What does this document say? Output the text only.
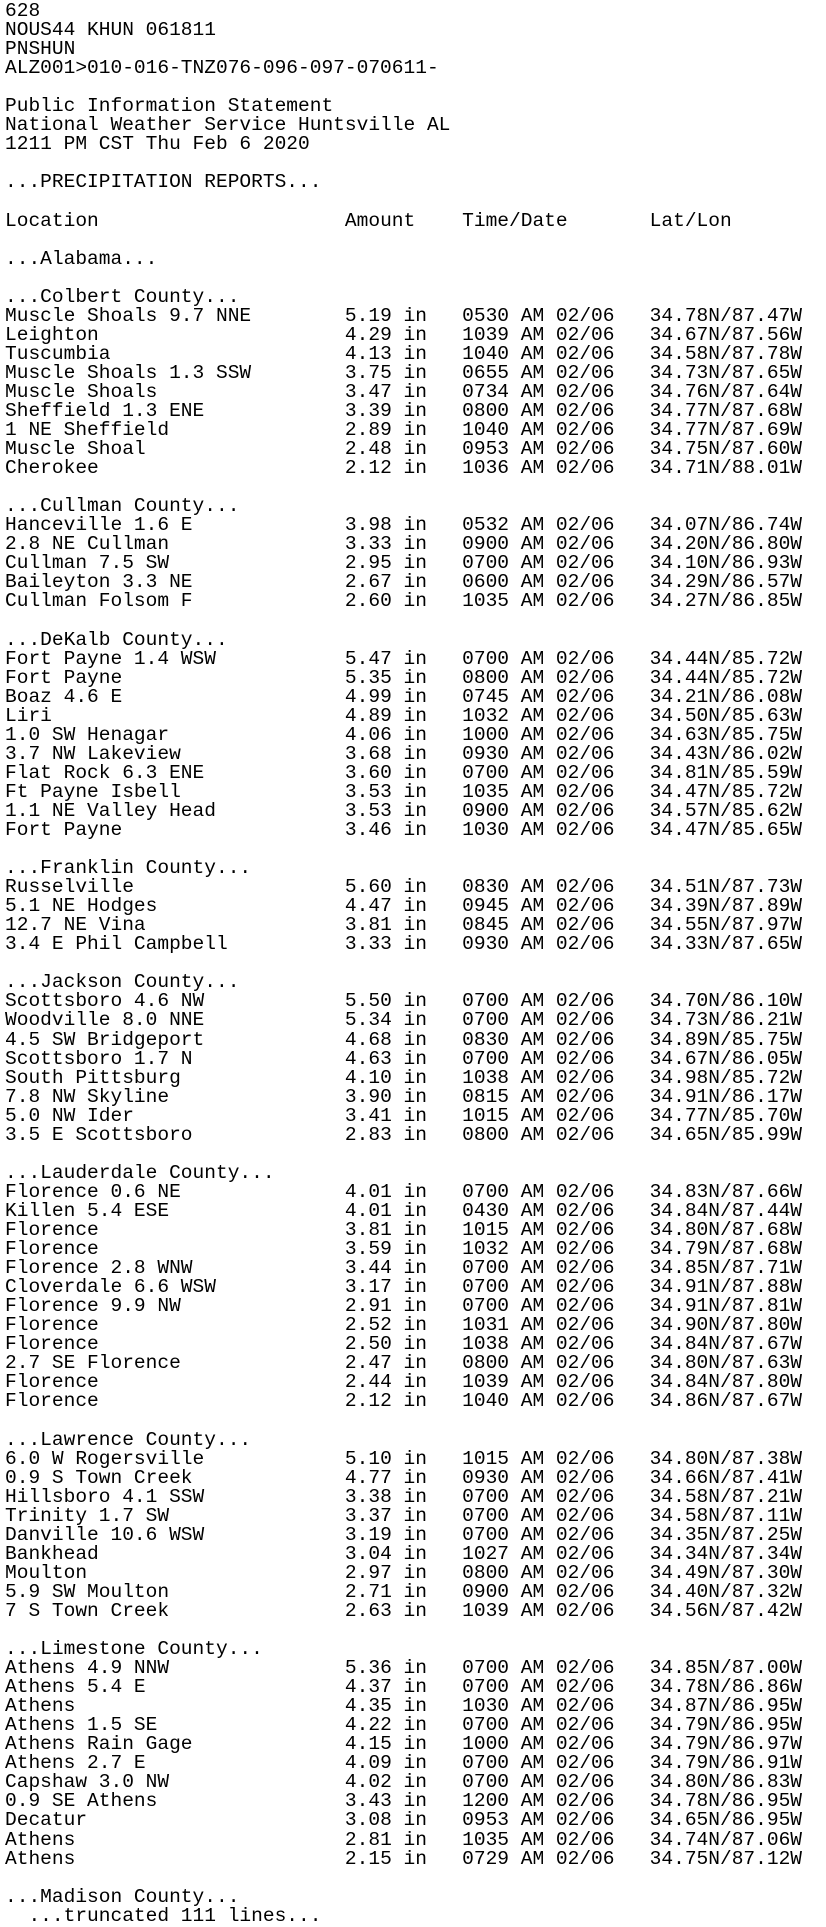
628
NOUS44 KHUN 061811
PNSHUN
ALZ001>010-016-TNZ076-096-097-070611-
Public Information Statement
National Weather Service Huntsville AL
1211 PM CST Thu Feb 6 2020
...PRECIPITATION REPORTS...
Location                     Amount    Time/Date       Lat/Lon
...Alabama...
...Colbert County...
Muscle Shoals 9.7 NNE        5.19 in   0530 AM 02/06   34.78N/87.47W
Leighton                     4.29 in   1039 AM 02/06   34.67N/87.56W
Tuscumbia                    4.13 in   1040 AM 02/06   34.58N/87.78W
Muscle Shoals 1.3 SSW        3.75 in   0655 AM 02/06   34.73N/87.65W
Muscle Shoals                3.47 in   0734 AM 02/06   34.76N/87.64W
Sheffield 1.3 ENE            3.39 in   0800 AM 02/06   34.77N/87.68W
1 NE Sheffield               2.89 in   1040 AM 02/06   34.77N/87.69W
Muscle Shoal                 2.48 in   0953 AM 02/06   34.75N/87.60W
Cherokee                     2.12 in   1036 AM 02/06   34.71N/88.01W
...Cullman County...
Hanceville 1.6 E             3.98 in   0532 AM 02/06   34.07N/86.74W
2.8 NE Cullman               3.33 in   0900 AM 02/06   34.20N/86.80W
Cullman 7.5 SW               2.95 in   0700 AM 02/06   34.10N/86.93W
Baileyton 3.3 NE             2.67 in   0600 AM 02/06   34.29N/86.57W
Cullman Folsom F             2.60 in   1035 AM 02/06   34.27N/86.85W
...DeKalb County...
Fort Payne 1.4 WSW           5.47 in   0700 AM 02/06   34.44N/85.72W
Fort Payne                   5.35 in   0800 AM 02/06   34.44N/85.72W
Boaz 4.6 E                   4.99 in   0745 AM 02/06   34.21N/86.08W
Liri                         4.89 in   1032 AM 02/06   34.50N/85.63W
1.0 SW Henagar               4.06 in   1000 AM 02/06   34.63N/85.75W
3.7 NW Lakeview              3.68 in   0930 AM 02/06   34.43N/86.02W
Flat Rock 6.3 ENE            3.60 in   0700 AM 02/06   34.81N/85.59W
Ft Payne Isbell              3.53 in   1035 AM 02/06   34.47N/85.72W
1.1 NE Valley Head           3.53 in   0900 AM 02/06   34.57N/85.62W
Fort Payne                   3.46 in   1030 AM 02/06   34.47N/85.65W
...Franklin County...
Russelville                  5.60 in   0830 AM 02/06   34.51N/87.73W
5.1 NE Hodges                4.47 in   0945 AM 02/06   34.39N/87.89W
12.7 NE Vina                 3.81 in   0845 AM 02/06   34.55N/87.97W
3.4 E Phil Campbell          3.33 in   0930 AM 02/06   34.33N/87.65W
...Jackson County...
Scottsboro 4.6 NW            5.50 in   0700 AM 02/06   34.70N/86.10W
Woodville 8.0 NNE            5.34 in   0700 AM 02/06   34.73N/86.21W
4.5 SW Bridgeport            4.68 in   0830 AM 02/06   34.89N/85.75W
Scottsboro 1.7 N             4.63 in   0700 AM 02/06   34.67N/86.05W
South Pittsburg              4.10 in   1038 AM 02/06   34.98N/85.72W
7.8 NW Skyline               3.90 in   0815 AM 02/06   34.91N/86.17W
5.0 NW Ider                  3.41 in   1015 AM 02/06   34.77N/85.70W
3.5 E Scottsboro             2.83 in   0800 AM 02/06   34.65N/85.99W
...Lauderdale County...
Florence 0.6 NE              4.01 in   0700 AM 02/06   34.83N/87.66W
Killen 5.4 ESE               4.01 in   0430 AM 02/06   34.84N/87.44W
Florence                     3.81 in   1015 AM 02/06   34.80N/87.68W
Florence                     3.59 in   1032 AM 02/06   34.79N/87.68W
Florence 2.8 WNW             3.44 in   0700 AM 02/06   34.85N/87.71W
Cloverdale 6.6 WSW           3.17 in   0700 AM 02/06   34.91N/87.88W
Florence 9.9 NW              2.91 in   0700 AM 02/06   34.91N/87.81W
Florence                     2.52 in   1031 AM 02/06   34.90N/87.80W
Florence                     2.50 in   1038 AM 02/06   34.84N/87.67W
2.7 SE Florence              2.47 in   0800 AM 02/06   34.80N/87.63W
Florence                     2.44 in   1039 AM 02/06   34.84N/87.80W
Florence                     2.12 in   1040 AM 02/06   34.86N/87.67W
...Lawrence County...
6.0 W Rogersville            5.10 in   1015 AM 02/06   34.80N/87.38W
0.9 S Town Creek             4.77 in   0930 AM 02/06   34.66N/87.41W
Hillsboro 4.1 SSW            3.38 in   0700 AM 02/06   34.58N/87.21W
Trinity 1.7 SW               3.37 in   0700 AM 02/06   34.58N/87.11W
Danville 10.6 WSW            3.19 in   0700 AM 02/06   34.35N/87.25W
Bankhead                     3.04 in   1027 AM 02/06   34.34N/87.34W
Moulton                      2.97 in   0800 AM 02/06   34.49N/87.30W
5.9 SW Moulton               2.71 in   0900 AM 02/06   34.40N/87.32W
7 S Town Creek               2.63 in   1039 AM 02/06   34.56N/87.42W
...Limestone County...
Athens 4.9 NNW               5.36 in   0700 AM 02/06   34.85N/87.00W
Athens 5.4 E                 4.37 in   0700 AM 02/06   34.78N/86.86W
Athens                       4.35 in   1030 AM 02/06   34.87N/86.95W
Athens 1.5 SE                4.22 in   0700 AM 02/06   34.79N/86.95W
Athens Rain Gage             4.15 in   1000 AM 02/06   34.79N/86.97W
Athens 2.7 E                 4.09 in   0700 AM 02/06   34.79N/86.91W
Capshaw 3.0 NW               4.02 in   0700 AM 02/06   34.80N/86.83W
0.9 SE Athens                3.43 in   1200 AM 02/06   34.78N/86.95W
Decatur                      3.08 in   0953 AM 02/06   34.65N/86.95W
Athens                       2.81 in   1035 AM 02/06   34.74N/87.06W
Athens                       2.15 in   0729 AM 02/06   34.75N/87.12W
...Madison County...
...truncated 111 lines...
